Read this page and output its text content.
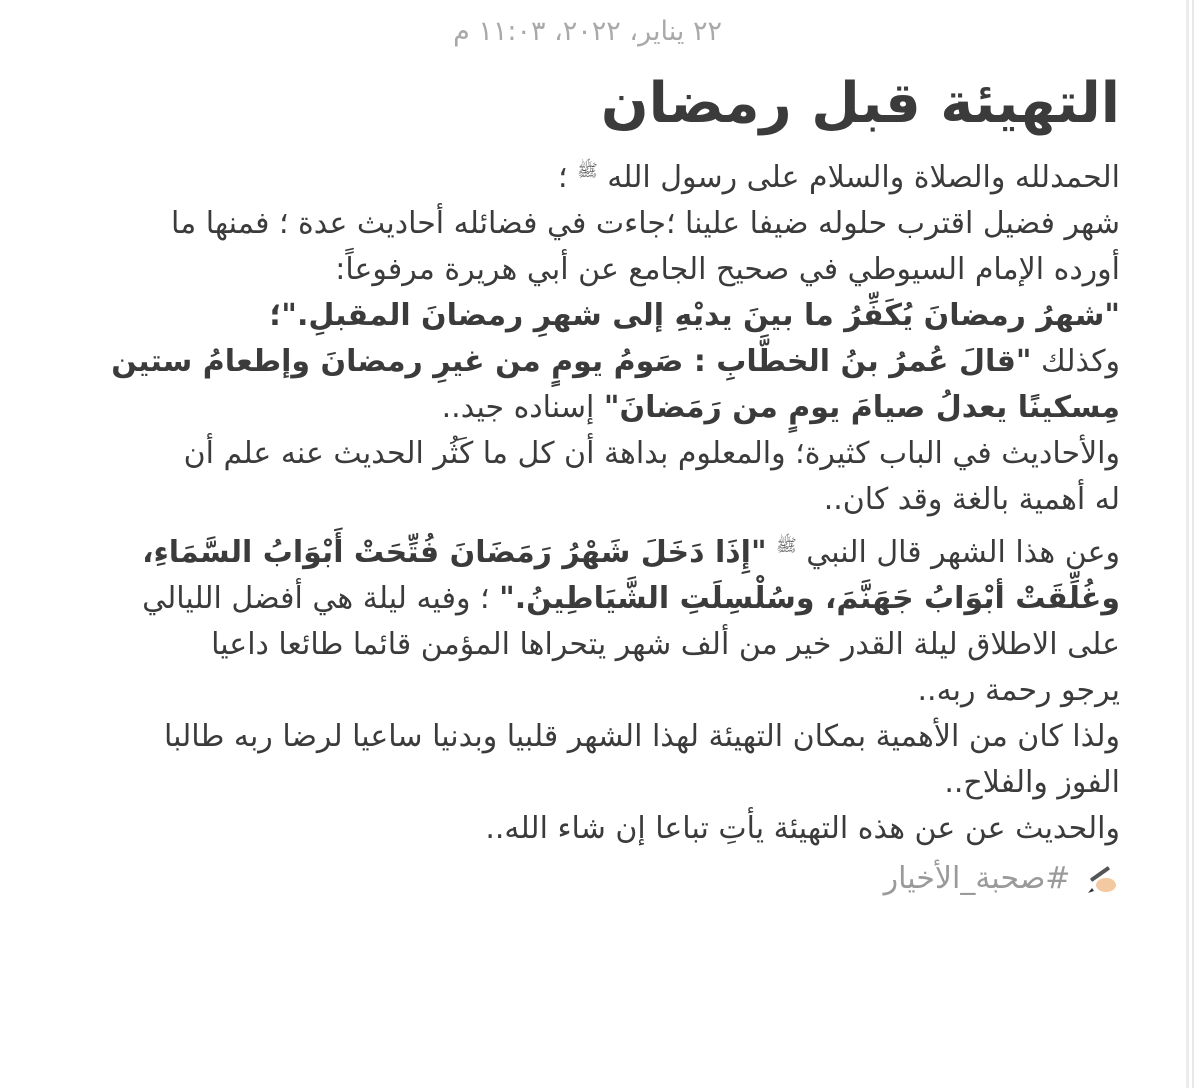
٢٢ يناير، ٢٠٢٢، ١١:٠٣ م
التهيئة قبل رمضان
الحمدلله والصلاة والسلام على رسول الله $^ﷺ$ ؛
شهر فضيل اقترب حلوله ضيفا علينا ؛جاءت في فضائله أحاديث عدة ؛ فمنها ما
أورده الإمام السيوطي في صحيح الجامع عن أبي هريرة مرفوعاً:
"شهرُ رمضانَ يُكَفِّرُ ما بينَ يديْهِ إلى شهرِ رمضانَ المقبلِ."؛
وكذلك "قالَ عُمرُ بنُ الخطَّابِ : صَومُ يومٍ من غيرِ رمضانَ وإطعامُ ستين
مِسكينًا يعدلُ صيامَ يومٍ من رَمَضانَ" إسناده جيد..
والأحاديث في الباب كثيرة؛ والمعلوم بداهة أن كل ما كَثُر الحديث عنه علم أن
له أهمية بالغة وقد كان..
وعن هذا الشهر قال النبي $^ﷺ$ "إِذَا دَخَلَ شَهْرُ رَمَضَانَ فُتِّحَتْ أَبْوَابُ السَّمَاءِ،
وغُلِّقَتْ أبْوَابُ جَهَنَّمَ، وسُلْسِلَتِ الشَّيَاطِينُ." ؛ وفيه ليلة هي أفضل الليالي
على الاطلاق ليلة القدر خير من ألف شهر يتحراها المؤمن قائما طائعا داعيا
يرجو رحمة ربه..
ولذا كان من الأهمية بمكان التهيئة لهذا الشهر قلبيا وبدنيا ساعيا لرضا ربه طالبا
الفوز والفلاح..
والحديث عن عن هذه التهيئة يأتِ تباعا إن شاء الله..
#صحبة_الأخيار
